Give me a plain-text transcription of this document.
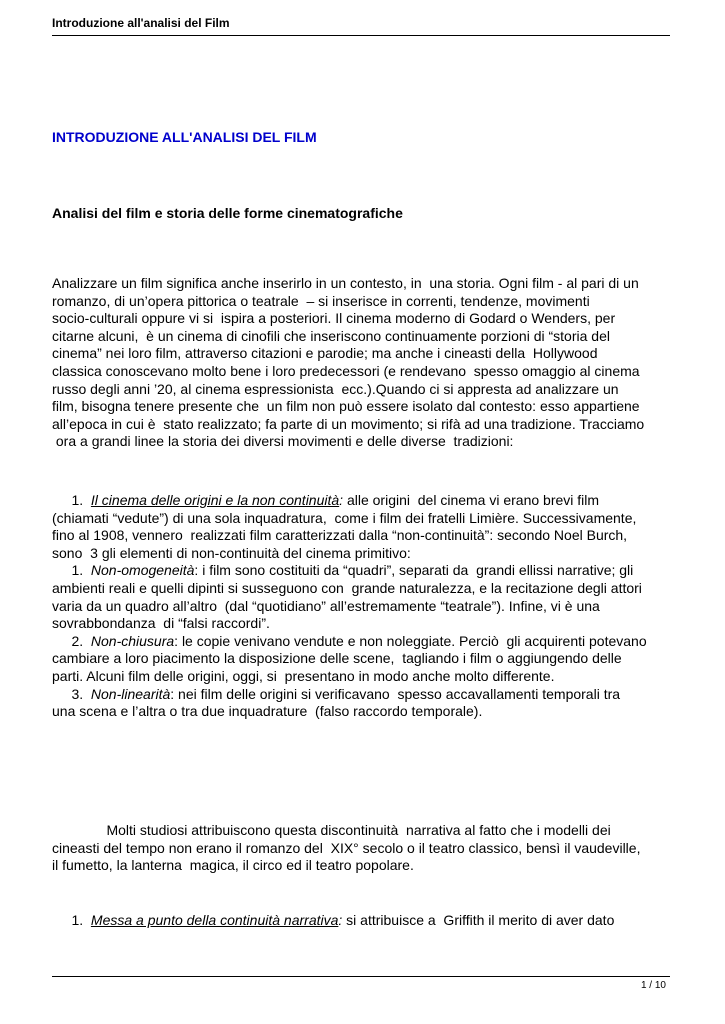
Introduzione all'analisi del Film
INTRODUZIONE ALL'ANALISI DEL FILM
Analisi del film e storia delle forme cinematografiche
Analizzare un film significa anche inserirlo in un contesto, in  una storia. Ogni film - al pari di un
romanzo, di un’opera pittorica o teatrale  – si inserisce in correnti, tendenze, movimenti
socio-culturali oppure vi si  ispira a posteriori. Il cinema moderno di Godard o Wenders, per
citarne alcuni,  è un cinema di cinofili che inseriscono continuamente porzioni di “storia del
cinema” nei loro film, attraverso citazioni e parodie; ma anche i cineasti della  Hollywood
classica conoscevano molto bene i loro predecessori (e rendevano  spesso omaggio al cinema
russo degli anni ’20, al cinema espressionista  ecc.).Quando ci si appresta ad analizzare un
film, bisogna tenere presente che  un film non può essere isolato dal contesto: esso appartiene
all’epoca in cui è  stato realizzato; fa parte di un movimento; si rifà ad una tradizione. Tracciamo
ora a grandi linee la storia dei diversi movimenti e delle diverse  tradizioni:
1.  Il cinema delle origini e la non continuità: alle origini  del cinema vi erano brevi film
(chiamati “vedute”) di una sola inquadratura,  come i film dei fratelli Limière. Successivamente,
fino al 1908, vennero  realizzati film caratterizzati dalla “non-continuità”: secondo Noel Burch,
sono  3 gli elementi di non-continuità del cinema primitivo:
1.  Non-omogeneità: i film sono costituiti da “quadri”, separati da  grandi ellissi narrative; gli
ambienti reali e quelli dipinti si susseguono con  grande naturalezza, e la recitazione degli attori
varia da un quadro all’altro  (dal “quotidiano” all’estremamente “teatrale”). Infine, vi è una
sovrabbondanza  di “falsi raccordi”.
2.  Non-chiusura: le copie venivano vendute e non noleggiate. Perciò  gli acquirenti potevano
cambiare a loro piacimento la disposizione delle scene,  tagliando i film o aggiungendo delle
parti. Alcuni film delle origini, oggi, si  presentano in modo anche molto differente.
3.  Non-linearità: nei film delle origini si verificavano  spesso accavallamenti temporali tra
una scena e l’altra o tra due inquadrature  (falso raccordo temporale).
Molti studiosi attribuiscono questa discontinuità  narrativa al fatto che i modelli dei
cineasti del tempo non erano il romanzo del  XIX° secolo o il teatro classico, bensì il vaudeville,
il fumetto, la lanterna  magica, il circo ed il teatro popolare.
1.  Messa a punto della continuità narrativa: si attribuisce a  Griffith il merito di aver dato
1 / 10
